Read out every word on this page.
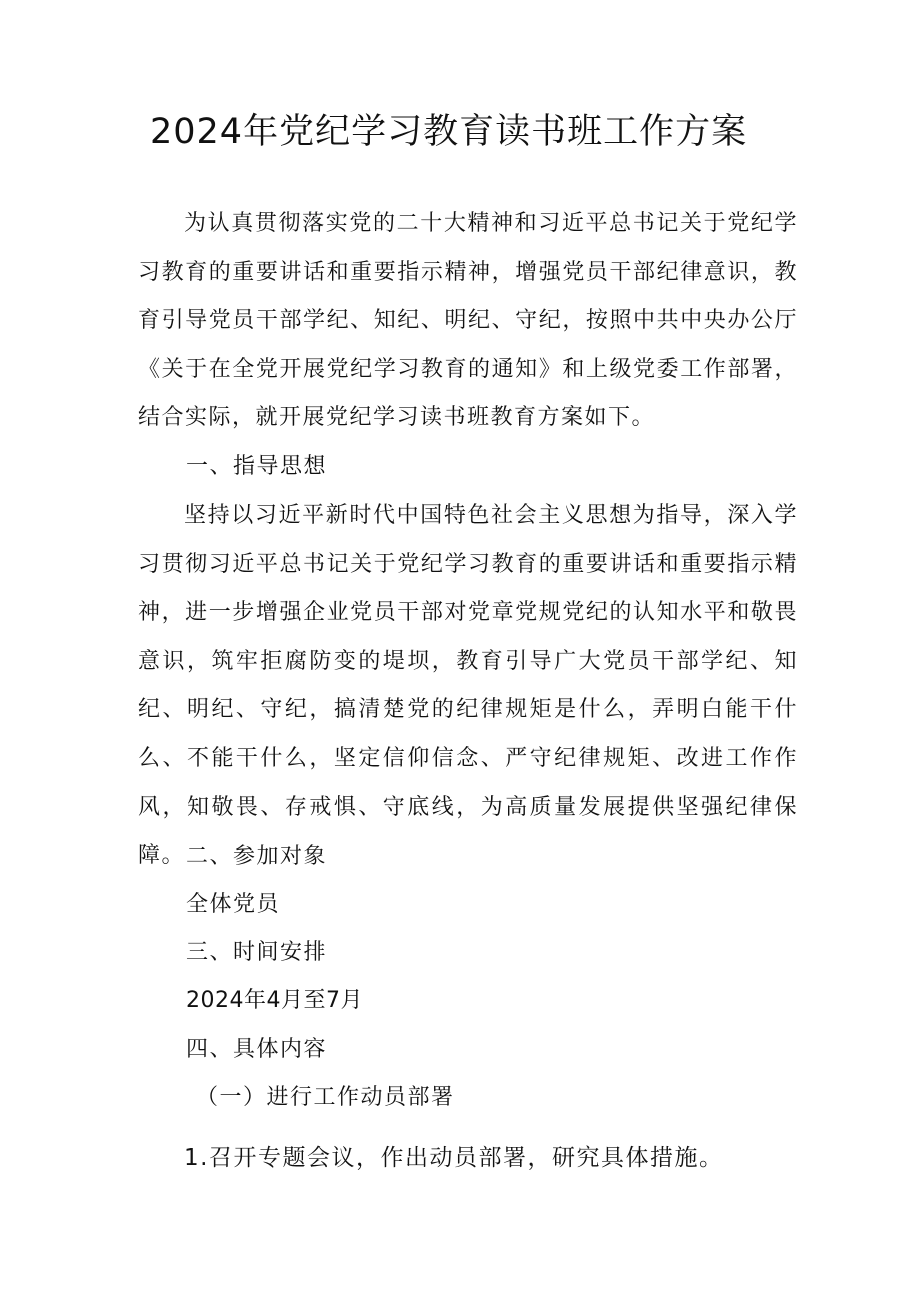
2024年党纪学习教育读书班工作方案
为认真贯彻落实党的二十大精神和习近平总书记关于党纪学习教育的重要讲话和重要指示精神，增强党员干部纪律意识，教育引导党员干部学纪、知纪、明纪、守纪，按照中共中央办公厅《关于在全党开展党纪学习教育的通知》和上级党委工作部署，结合实际，就开展党纪学习读书班教育方案如下。
一、指导思想
坚持以习近平新时代中国特色社会主义思想为指导，深入学习贯彻习近平总书记关于党纪学习教育的重要讲话和重要指示精神，进一步增强企业党员干部对党章党规党纪的认知水平和敬畏意识，筑牢拒腐防变的堤坝，教育引导广大党员干部学纪、知纪、明纪、守纪，搞清楚党的纪律规矩是什么，弄明白能干什么、不能干什么，坚定信仰信念、严守纪律规矩、改进工作作风，知敬畏、存戒惧、守底线，为高质量发展提供坚强纪律保障。 二、参加对象
全体党员
三、时间安排
2024年4月至7月
四、具体内容
（一）进行工作动员部署
1.召开专题会议，作出动员部署，研究具体措施。
